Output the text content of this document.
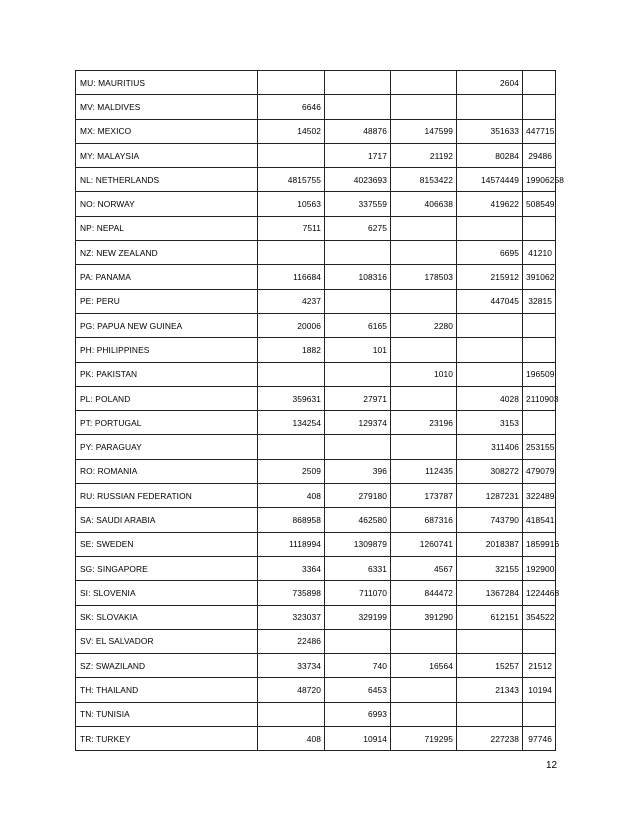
MU: MAURITIUS				2604	
MV: MALDIVES	6646				
MX: MEXICO	14502	48876	147599	351633	447715
MY: MALAYSIA		1717	21192	80284	29486
NL: NETHERLANDS	4815755	4023693	8153422	14574449	19906258
NO: NORWAY	10563	337559	406638	419622	508549
NP: NEPAL	7511	6275			
NZ: NEW ZEALAND				6695	41210
PA: PANAMA	116684	108316	178503	215912	391062
PE: PERU	4237			447045	32815
PG: PAPUA NEW GUINEA	20006	6165	2280		
PH: PHILIPPINES	1882	101			
PK: PAKISTAN			1010		196509
PL: POLAND	359631	27971		4028	2110903
PT: PORTUGAL	134254	129374	23196	3153	
PY: PARAGUAY				311406	253155
RO: ROMANIA	2509	396	112435	308272	479079
RU: RUSSIAN FEDERATION	408	279180	173787	1287231	322489
SA: SAUDI ARABIA	868958	462580	687316	743790	418541
SE: SWEDEN	1118994	1309879	1260741	2018387	1859916
SG: SINGAPORE	3364	6331	4567	32155	192900
SI: SLOVENIA	735898	711070	844472	1367284	1224468
SK: SLOVAKIA	323037	329199	391290	612151	354522
SV: EL SALVADOR	22486				
SZ: SWAZILAND	33734	740	16564	15257	21512
TH: THAILAND	48720	6453		21343	10194
TN: TUNISIA		6993			
TR: TURKEY	408	10914	719295	227238	97746
12
